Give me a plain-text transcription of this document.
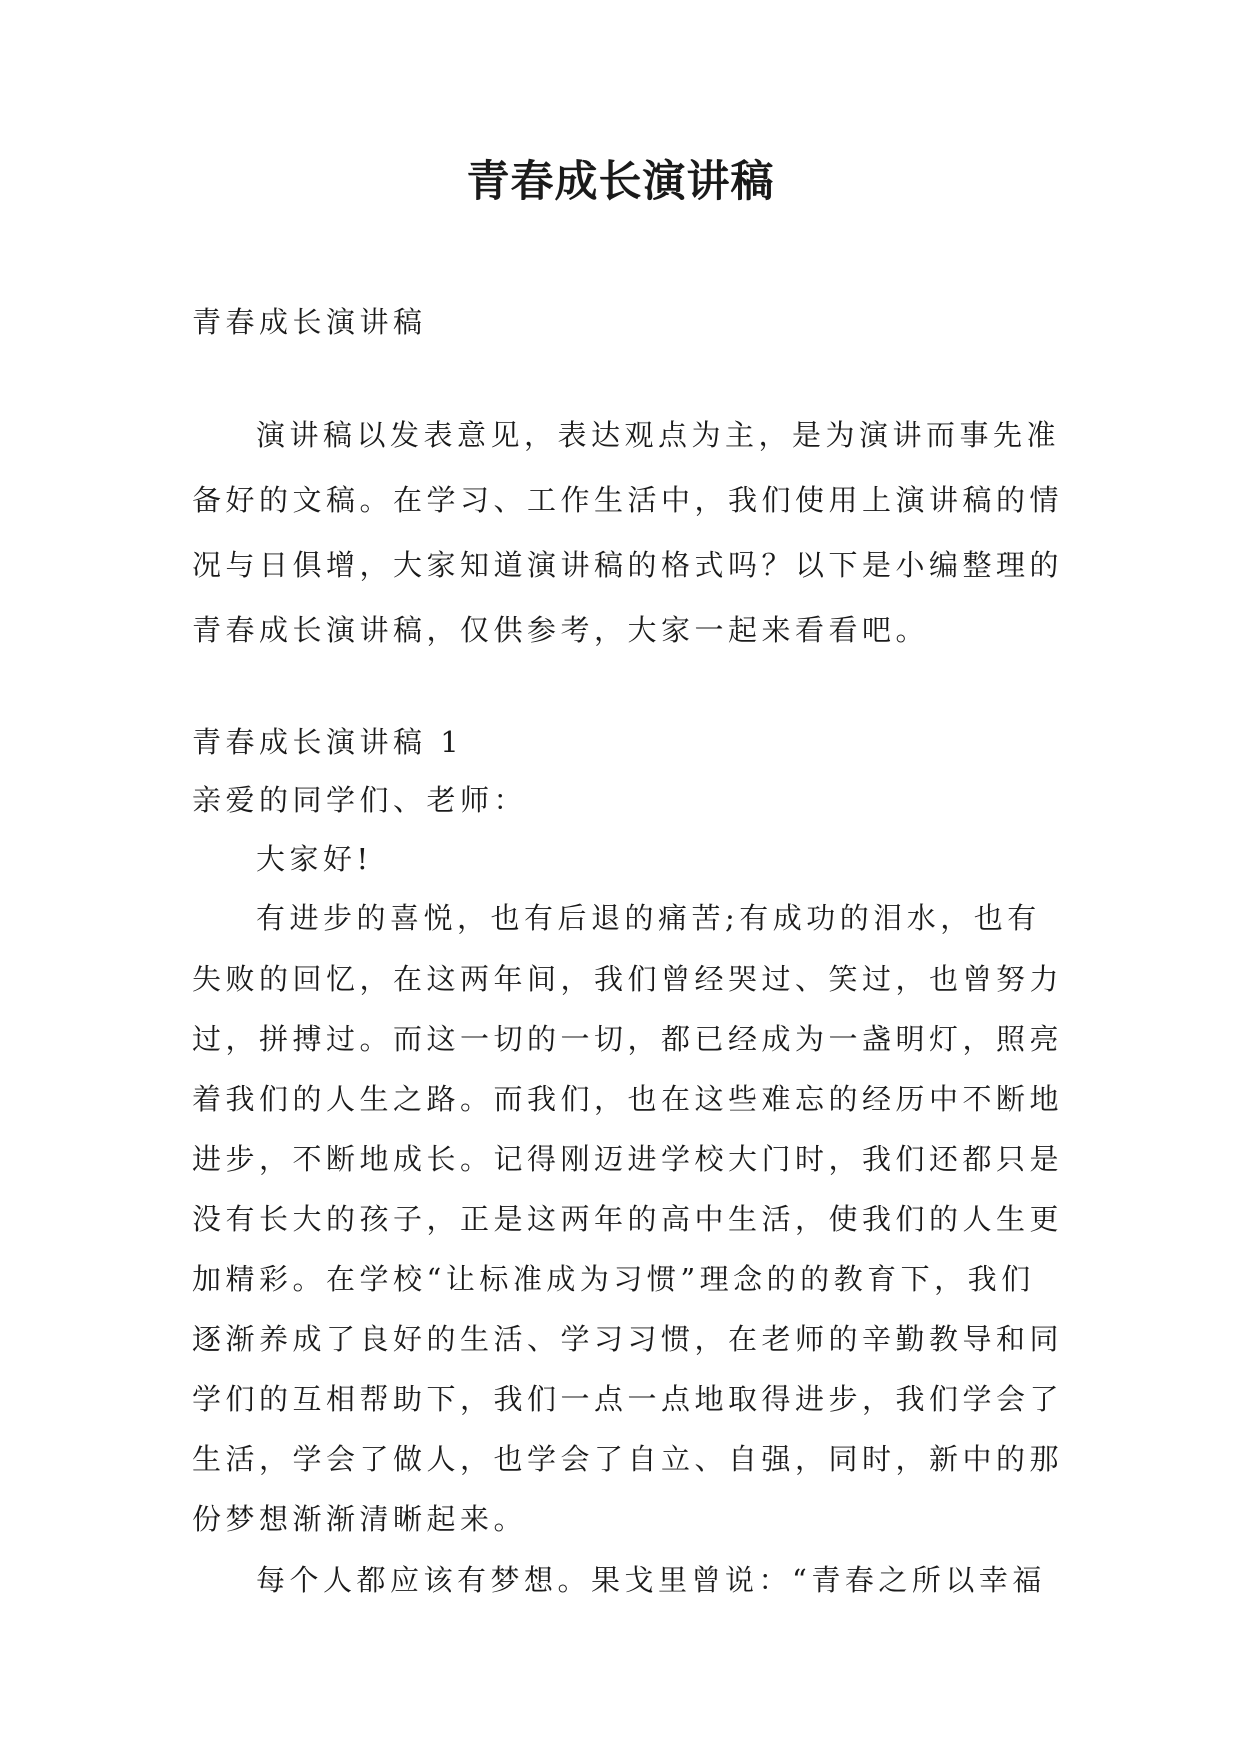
青春成长演讲稿

青春成长演讲稿

演讲稿以发表意见，表达观点为主，是为演讲而事先准

备好的文稿。在学习、工作生活中，我们使用上演讲稿的情

况与日俱增，大家知道演讲稿的格式吗？以下是小编整理的

青春成长演讲稿，仅供参考，大家一起来看看吧。

青春成长演讲稿 1

亲爱的同学们、老师：

大家好!

有进步的喜悦，也有后退的痛苦;有成功的泪水，也有

失败的回忆，在这两年间，我们曾经哭过、笑过，也曾努力

过，拼搏过。而这一切的一切，都已经成为一盏明灯，照亮

着我们的人生之路。而我们，也在这些难忘的经历中不断地

进步，不断地成长。记得刚迈进学校大门时，我们还都只是

没有长大的孩子，正是这两年的高中生活，使我们的人生更

加精彩。在学校“让标准成为习惯”理念的的教育下，我们

逐渐养成了良好的生活、学习习惯，在老师的辛勤教导和同

学们的互相帮助下，我们一点一点地取得进步，我们学会了

生活，学会了做人，也学会了自立、自强，同时，新中的那

份梦想渐渐清晰起来。

每个人都应该有梦想。果戈里曾说：“青春之所以幸福
